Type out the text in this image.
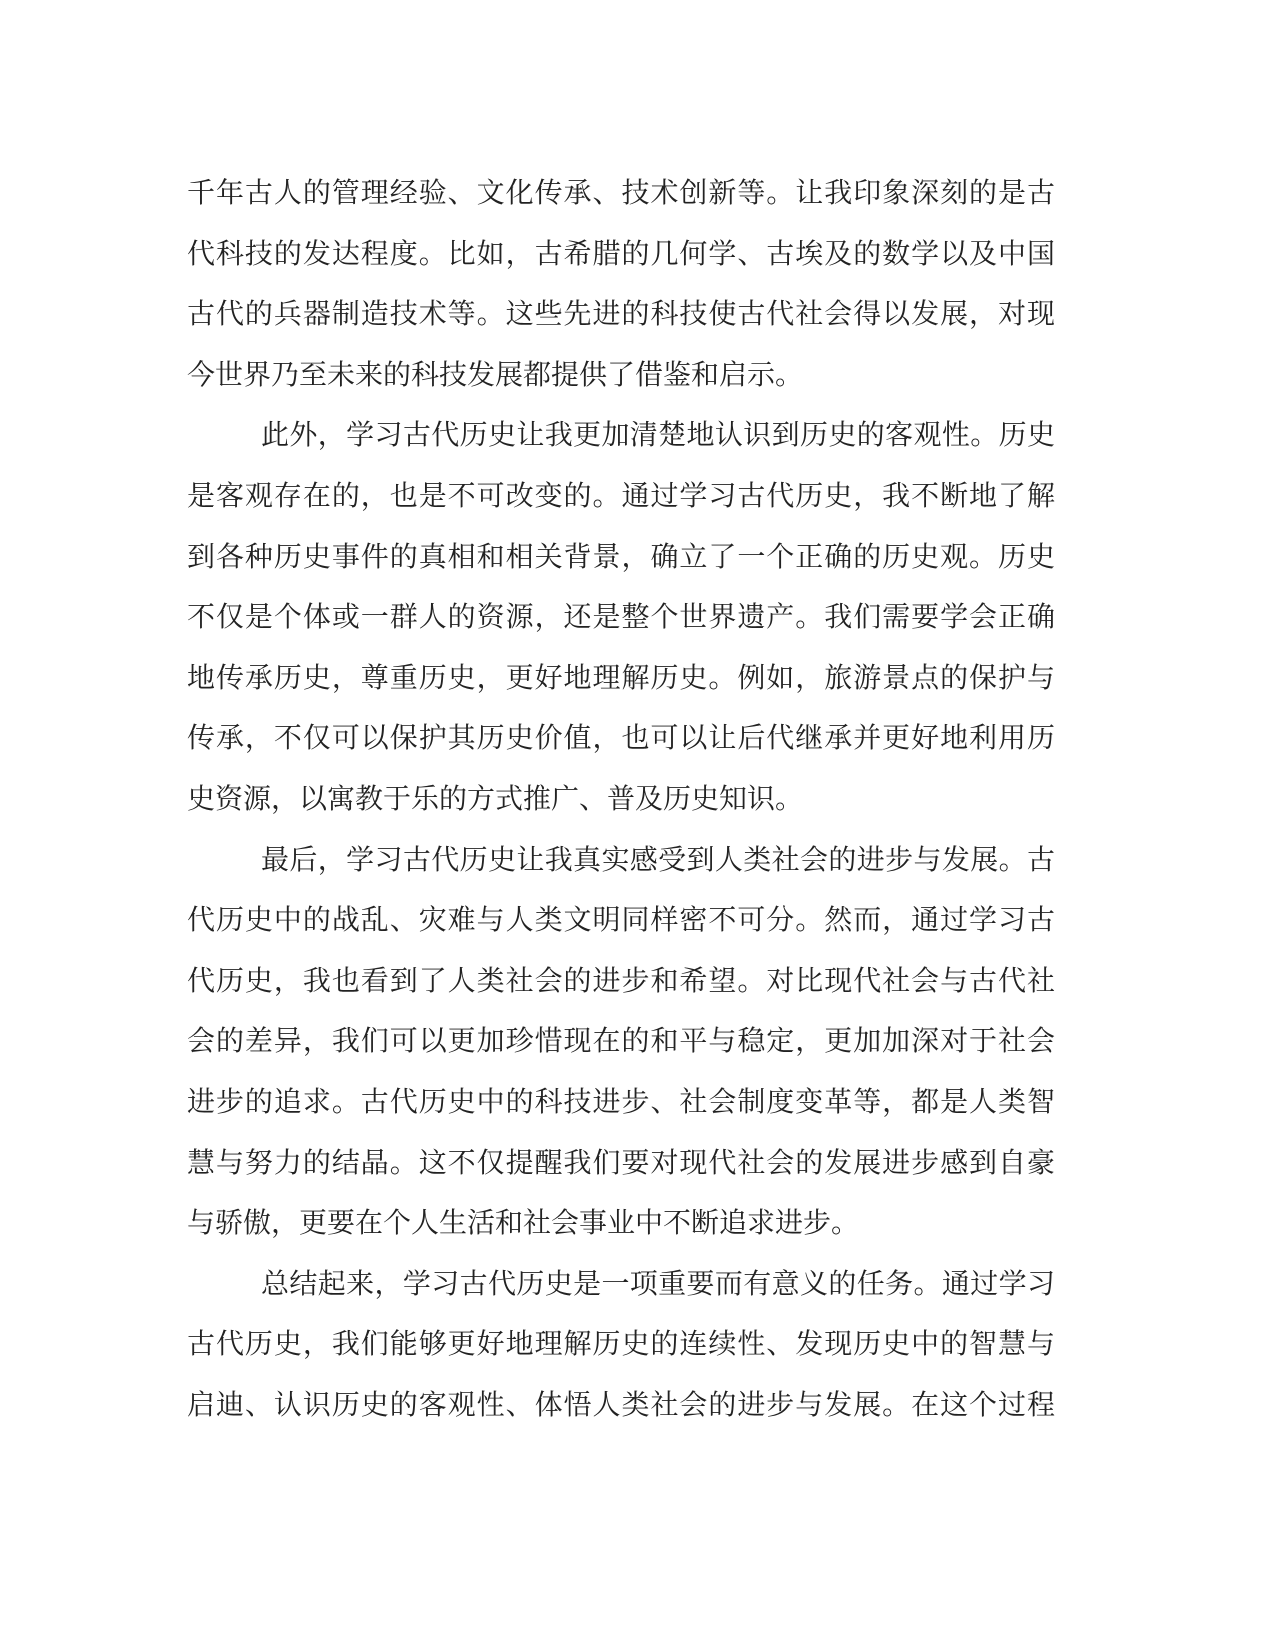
千年古人的管理经验、文化传承、技术创新等。让我印象深刻的是古
代科技的发达程度。比如，古希腊的几何学、古埃及的数学以及中国
古代的兵器制造技术等。这些先进的科技使古代社会得以发展，对现
今世界乃至未来的科技发展都提供了借鉴和启示。
此外，学习古代历史让我更加清楚地认识到历史的客观性。历史
是客观存在的，也是不可改变的。通过学习古代历史，我不断地了解
到各种历史事件的真相和相关背景，确立了一个正确的历史观。历史
不仅是个体或一群人的资源，还是整个世界遗产。我们需要学会正确
地传承历史，尊重历史，更好地理解历史。例如，旅游景点的保护与
传承，不仅可以保护其历史价值，也可以让后代继承并更好地利用历
史资源，以寓教于乐的方式推广、普及历史知识。
最后，学习古代历史让我真实感受到人类社会的进步与发展。古
代历史中的战乱、灾难与人类文明同样密不可分。然而，通过学习古
代历史，我也看到了人类社会的进步和希望。对比现代社会与古代社
会的差异，我们可以更加珍惜现在的和平与稳定，更加加深对于社会
进步的追求。古代历史中的科技进步、社会制度变革等，都是人类智
慧与努力的结晶。这不仅提醒我们要对现代社会的发展进步感到自豪
与骄傲，更要在个人生活和社会事业中不断追求进步。
总结起来，学习古代历史是一项重要而有意义的任务。通过学习
古代历史，我们能够更好地理解历史的连续性、发现历史中的智慧与
启迪、认识历史的客观性、体悟人类社会的进步与发展。在这个过程
